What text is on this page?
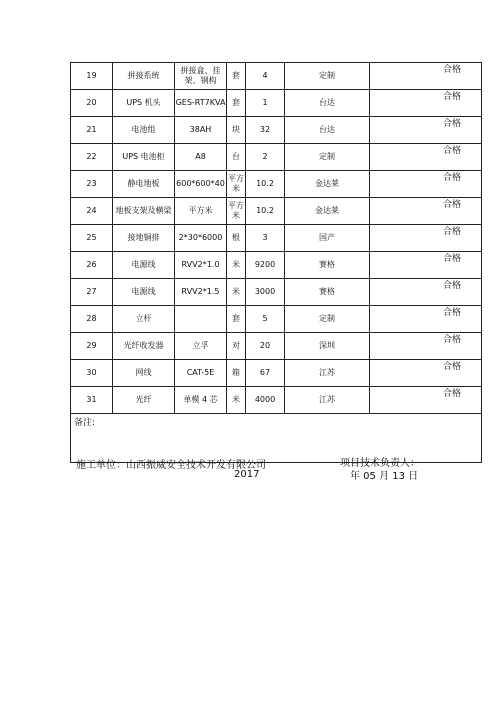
19	拼接系统	拼接盒、挂架、钢构	套	4	定制	合格

20	UPS 机头	GES-RT7KVA	套	1	台达	合格

21	电池组	38AH	块	32	台达	合格

22	UPS 电池柜	A8	台	2	定制	合格

23	静电地板	600*600*40	平方米	10.2	金达莱	合格

24	地板支架及横梁	平方米	平方米	10.2	金达莱	合格

25	接地铜排	2*30*6000	根	3	国产	合格

26	电源线	RVV2*1.0	米	9200	赛格	合格

27	电源线	RVV2*1.5	米	3000	赛格	合格

28	立杆		套	5	定制	合格

29	光纤收发器	立孚	对	20	深圳	合格

30	网线	CAT-5E	箱	67	江苏	合格

31	光纤	单模 4 芯	米	4000	江苏	合格

备注:						
施工单位：山西振威安全技术开发有限公司
2017
项目技术负责人：
年 05 月 13 日
